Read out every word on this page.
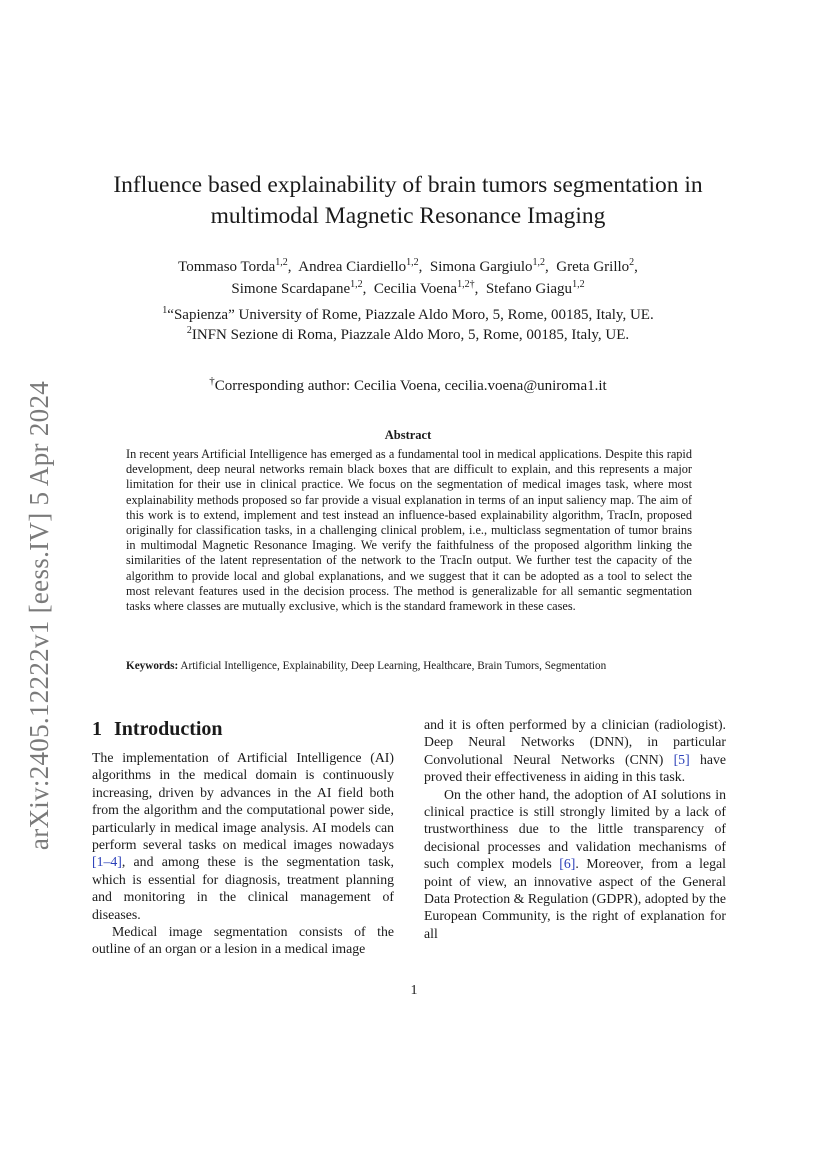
arXiv:2405.12222v1 [eess.IV] 5 Apr 2024
Influence based explainability of brain tumors segmentation in
multimodal Magnetic Resonance Imaging
Tommaso Torda$^{1,2}$,  Andrea Ciardiello$^{1,2}$,  Simona Gargiulo$^{1,2}$,  Greta Grillo$^2$,
Simone Scardapane$^{1,2}$,  Cecilia Voena$^{1,2\dagger}$,  Stefano Giagu$^{1,2}$
$^1$“Sapienza” University of Rome, Piazzale Aldo Moro, 5, Rome, 00185, Italy, UE.
$^2$INFN Sezione di Roma, Piazzale Aldo Moro, 5, Rome, 00185, Italy, UE.
†Corresponding author: Cecilia Voena, cecilia.voena@uniroma1.it
Abstract

In recent years Artificial Intelligence has emerged as a fundamental tool in medical applications. Despite this rapid development, deep neural networks remain black boxes that are difficult to explain, and this represents a major limitation for their use in clinical practice. We focus on the segmentation of medical images task, where most explainability methods proposed so far provide a visual explanation in terms of an input saliency map. The aim of this work is to extend, implement and test instead an influence-based explainability algorithm, TracIn, proposed originally for classification tasks, in a challenging clinical problem, i.e., multiclass segmentation of tumor brains in multimodal Magnetic Resonance Imaging. We verify the faithfulness of the proposed algorithm linking the similarities of the latent representation of the network to the TracIn output. We further test the capacity of the algorithm to provide local and global explanations, and we suggest that it can be adopted as a tool to select the most relevant features used in the decision process. The method is generalizable for all semantic segmentation tasks where classes are mutually exclusive, which is the standard framework in these cases.

Keywords: Artificial Intelligence, Explainability, Deep Learning, Healthcare, Brain Tumors, Segmentation
1 Introduction

The implementation of Artificial Intelligence (AI) algorithms in the medical domain is continuously increasing, driven by advances in the AI field both from the algorithm and the computational power side, particularly in medical image analysis. AI models can perform several tasks on medical images nowadays [1–4], and among these is the segmentation task, which is essential for diagnosis, treatment planning and monitoring in the clinical management of diseases.

Medical image segmentation consists of the outline of an organ or a lesion in a medical image

and it is often performed by a clinician (radiologist). Deep Neural Networks (DNN), in particular Convolutional Neural Networks (CNN) [5] have proved their effectiveness in aiding in this task.

On the other hand, the adoption of AI solutions in clinical practice is still strongly limited by a lack of trustworthiness due to the little transparency of decisional processes and validation mechanisms of such complex models [6]. Moreover, from a legal point of view, an innovative aspect of the General Data Protection & Regulation (GDPR), adopted by the European Community, is the right of explanation for all

1
